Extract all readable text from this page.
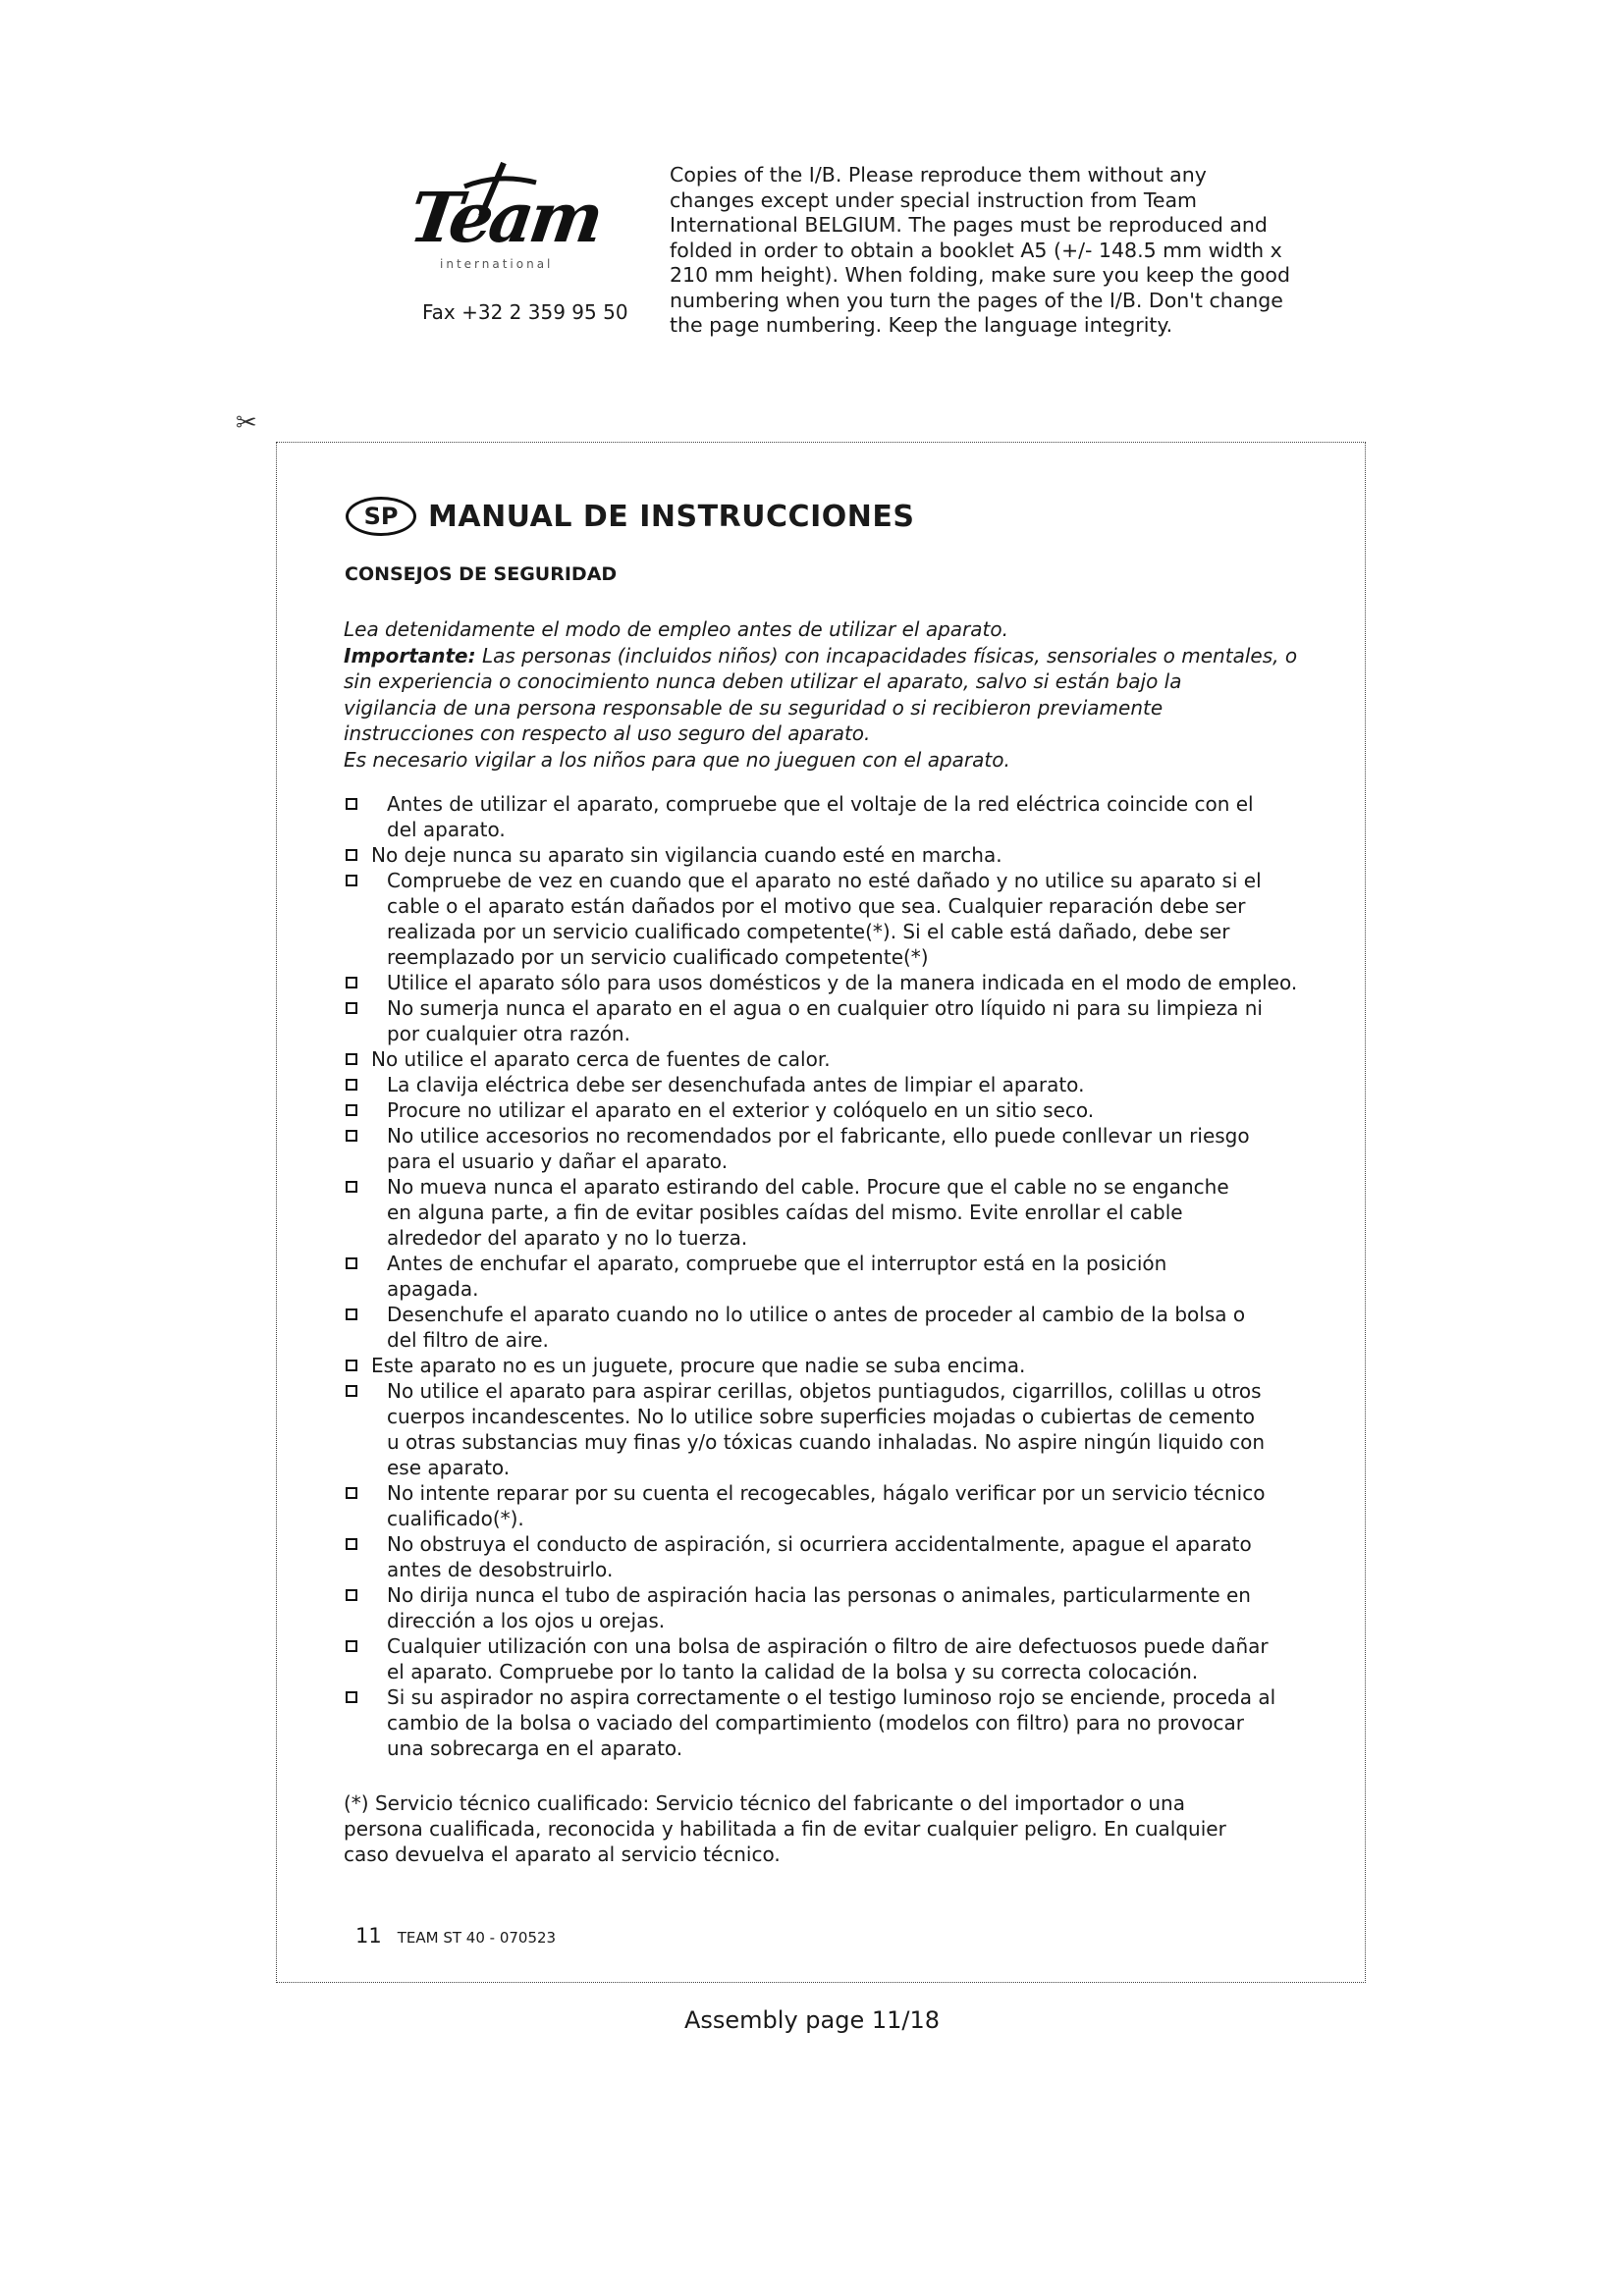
Team
international
Fax +32 2 359 95 50
Copies of the I/B. Please reproduce them without any
changes except under special instruction from Team
International BELGIUM. The pages must be reproduced and
folded in order to obtain a booklet A5 (+/- 148.5 mm width x
210 mm height). When folding, make sure you keep the good
numbering when you turn the pages of the I/B. Don't change
the page numbering. Keep the language integrity.
✂
SP	MANUAL DE INSTRUCCIONES
CONSEJOS DE SEGURIDAD
Lea detenidamente el modo de empleo antes de utilizar el aparato.
Importante: Las personas (incluidos niños) con incapacidades físicas, sensoriales o mentales, o
sin experiencia o conocimiento nunca deben utilizar el aparato, salvo si están bajo la
vigilancia de una persona responsable de su seguridad o si recibieron previamente
instrucciones con respecto al uso seguro del aparato.
Es necesario vigilar a los niños para que no jueguen con el aparato.
Antes de utilizar el aparato, compruebe que el voltaje de la red eléctrica coincide con el
del aparato.
No deje nunca su aparato sin vigilancia cuando esté en marcha.
Compruebe de vez en cuando que el aparato no esté dañado y no utilice su aparato si el
cable o el aparato están dañados por el motivo que sea. Cualquier reparación debe ser
realizada por un servicio cualificado competente(*). Si el cable está dañado, debe ser
reemplazado por un servicio cualificado competente(*)
Utilice el aparato sólo para usos domésticos y de la manera indicada en el modo de empleo.
No sumerja nunca el aparato en el agua o en cualquier otro líquido ni para su limpieza ni
por cualquier otra razón.
No utilice el aparato cerca de fuentes de calor.
La clavija eléctrica debe ser desenchufada antes de limpiar el aparato.
Procure no utilizar el aparato en el exterior y colóquelo en un sitio seco.
No utilice accesorios no recomendados por el fabricante, ello puede conllevar un riesgo
para el usuario y dañar el aparato.
No mueva nunca el aparato estirando del cable. Procure que el cable no se enganche
en alguna parte, a fin de evitar posibles caídas del mismo. Evite enrollar el cable
alrededor del aparato y no lo tuerza.
Antes de enchufar el aparato, compruebe que el interruptor está en la posición
apagada.
Desenchufe el aparato cuando no lo utilice o antes de proceder al cambio de la bolsa o
del filtro de aire.
Este aparato no es un juguete, procure que nadie se suba encima.
No utilice el aparato para aspirar cerillas, objetos puntiagudos, cigarrillos, colillas u otros
cuerpos incandescentes. No lo utilice sobre superficies mojadas o cubiertas de cemento
u otras substancias muy finas y/o tóxicas cuando inhaladas. No aspire ningún liquido con
ese aparato.
No intente reparar por su cuenta el recogecables, hágalo verificar por un servicio técnico
cualificado(*).
No obstruya el conducto de aspiración, si ocurriera accidentalmente, apague el aparato
antes de desobstruirlo.
No dirija nunca el tubo de aspiración hacia las personas o animales, particularmente en
dirección a los ojos u orejas.
Cualquier utilización con una bolsa de aspiración o filtro de aire defectuosos puede dañar
el aparato. Compruebe por lo tanto la calidad de la bolsa y su correcta colocación.
Si su aspirador no aspira correctamente o el testigo luminoso rojo se enciende, proceda al
cambio de la bolsa o vaciado del compartimiento (modelos con filtro) para no provocar
una sobrecarga en el aparato.
(*) Servicio técnico cualificado: Servicio técnico del fabricante o del importador o una
persona cualificada, reconocida y habilitada a fin de evitar cualquier peligro. En cualquier
caso devuelva el aparato al servicio técnico.
11 TEAM ST 40 - 070523
Assembly page 11/18
